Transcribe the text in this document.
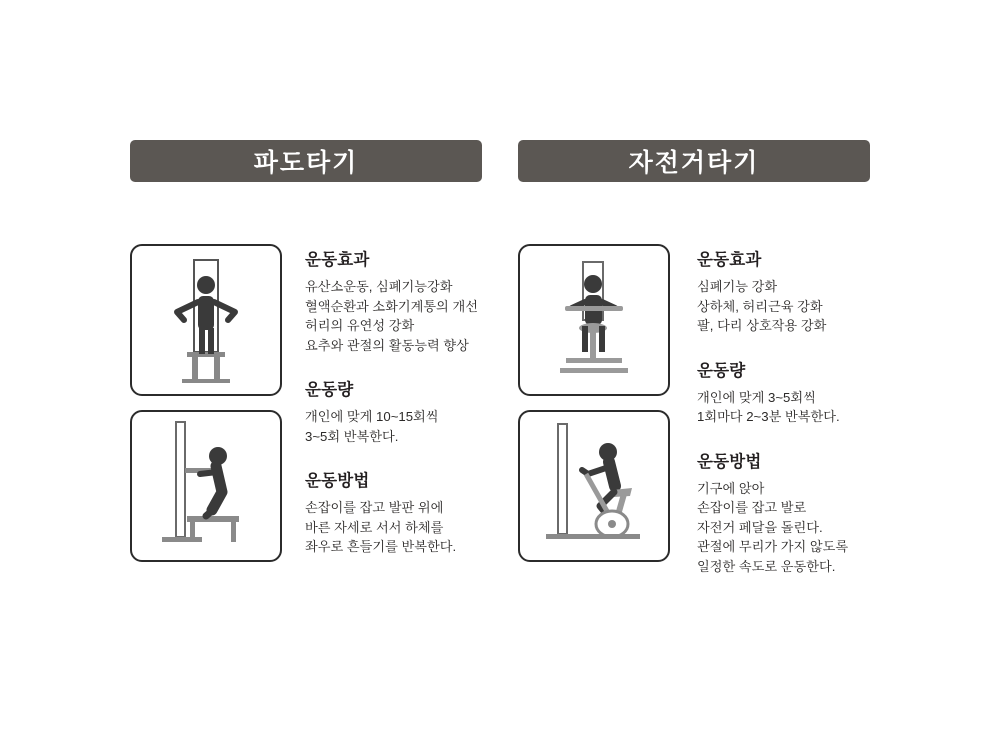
파도타기
운동효과

유산소운동, 심폐기능강화

혈액순환과 소화기계통의 개선

허리의 유연성 강화

요추와 관절의 활동능력 향상

운동량

개인에 맞게 10~15회씩

3~5회 반복한다.

운동방법

손잡이를 잡고 발판 위에

바른 자세로 서서 하체를

좌우로 흔들기를 반복한다.

자전거타기
운동효과

심폐기능 강화

상하체, 허리근육 강화

팔, 다리 상호작용 강화

운동량

개인에 맞게 3~5회씩

1회마다 2~3분 반복한다.

운동방법

기구에 앉아

손잡이를 잡고 발로

자전거 페달을 돌린다.

관절에 무리가 가지 않도록

일정한 속도로 운동한다.
